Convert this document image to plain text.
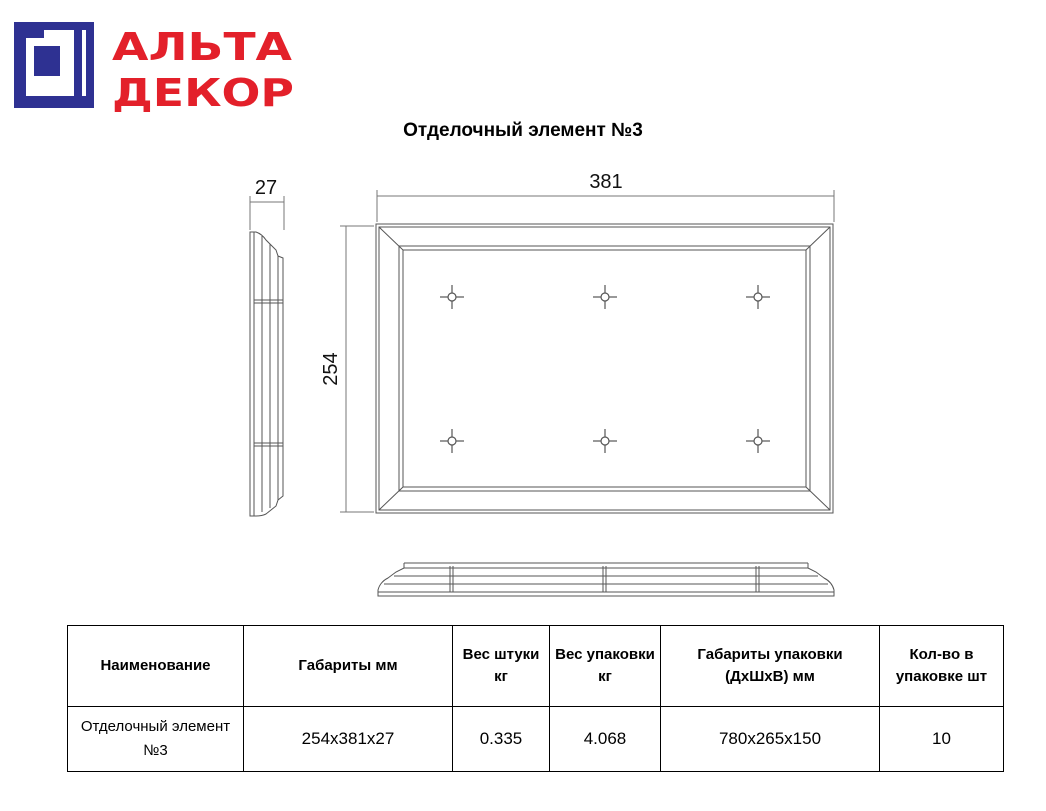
АЛЬТА
ДЕКОР
Отделочный элемент №3
381
254
27
Наименование	Габариты мм	Вес штуки кг	Вес упаковки кг	Габариты упаковки (ДхШхВ) мм	Кол-во в упаковке шт
Отделочный элемент №3	254x381x27	0.335	4.068	780x265x150	10
